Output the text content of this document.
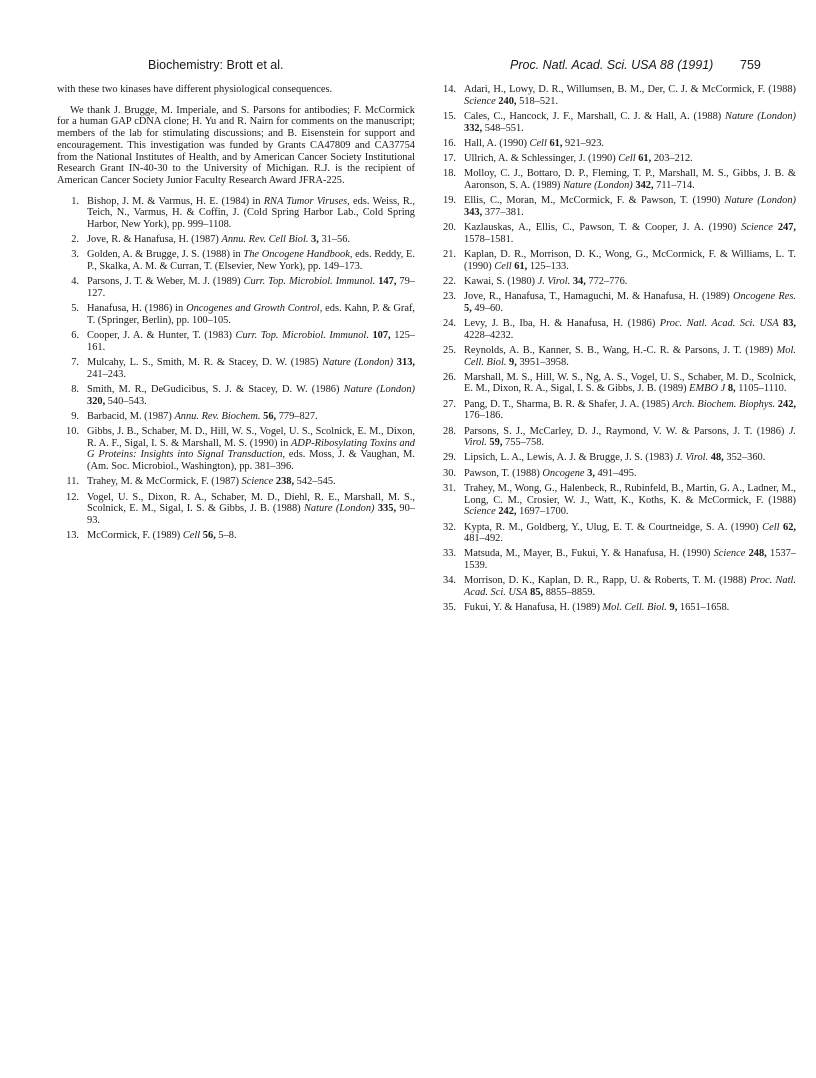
Biochemistry: Brott et al.	Proc. Natl. Acad. Sci. USA 88 (1991) 759

with these two kinases have different physiological consequences.

We thank J. Brugge, M. Imperiale, and S. Parsons for antibodies; F. McCormick for a human GAP cDNA clone; H. Yu and R. Nairn for comments on the manuscript; members of the lab for stimulating discussions; and B. Eisenstein for support and encouragement. This investigation was funded by Grants CA47809 and CA37754 from the National Institutes of Health, and by American Cancer Society Institutional Research Grant IN-40-30 to the University of Michigan. R.J. is the recipient of American Cancer Society Junior Faculty Research Award JFRA-225.

1. Bishop, J. M. & Varmus, H. E. (1984) in RNA Tumor Viruses, eds. Weiss, R., Teich, N., Varmus, H. & Coffin, J. (Cold Spring Harbor Lab., Cold Spring Harbor, New York), pp. 999–1108.
2. Jove, R. & Hanafusa, H. (1987) Annu. Rev. Cell Biol. 3, 31–56.
3. Golden, A. & Brugge, J. S. (1988) in The Oncogene Handbook, eds. Reddy, E. P., Skalka, A. M. & Curran, T. (Elsevier, New York), pp. 149–173.
4. Parsons, J. T. & Weber, M. J. (1989) Curr. Top. Microbiol. Immunol. 147, 79–127.
5. Hanafusa, H. (1986) in Oncogenes and Growth Control, eds. Kahn, P. & Graf, T. (Springer, Berlin), pp. 100–105.
6. Cooper, J. A. & Hunter, T. (1983) Curr. Top. Microbiol. Immunol. 107, 125–161.
7. Mulcahy, L. S., Smith, M. R. & Stacey, D. W. (1985) Nature (London) 313, 241–243.
8. Smith, M. R., DeGudicibus, S. J. & Stacey, D. W. (1986) Nature (London) 320, 540–543.
9. Barbacid, M. (1987) Annu. Rev. Biochem. 56, 779–827.
10. Gibbs, J. B., Schaber, M. D., Hill, W. S., Vogel, U. S., Scolnick, E. M., Dixon, R. A. F., Sigal, I. S. & Marshall, M. S. (1990) in ADP-Ribosylating Toxins and G Proteins: Insights into Signal Transduction, eds. Moss, J. & Vaughan, M. (Am. Soc. Microbiol., Washington), pp. 381–396.
11. Trahey, M. & McCormick, F. (1987) Science 238, 542–545.
12. Vogel, U. S., Dixon, R. A., Schaber, M. D., Diehl, R. E., Marshall, M. S., Scolnick, E. M., Sigal, I. S. & Gibbs, J. B. (1988) Nature (London) 335, 90–93.
13. McCormick, F. (1989) Cell 56, 5–8.
14. Adari, H., Lowy, D. R., Willumsen, B. M., Der, C. J. & McCormick, F. (1988) Science 240, 518–521.
15. Cales, C., Hancock, J. F., Marshall, C. J. & Hall, A. (1988) Nature (London) 332, 548–551.
16. Hall, A. (1990) Cell 61, 921–923.
17. Ullrich, A. & Schlessinger, J. (1990) Cell 61, 203–212.
18. Molloy, C. J., Bottaro, D. P., Fleming, T. P., Marshall, M. S., Gibbs, J. B. & Aaronson, S. A. (1989) Nature (London) 342, 711–714.
19. Ellis, C., Moran, M., McCormick, F. & Pawson, T. (1990) Nature (London) 343, 377–381.
20. Kazlauskas, A., Ellis, C., Pawson, T. & Cooper, J. A. (1990) Science 247, 1578–1581.
21. Kaplan, D. R., Morrison, D. K., Wong, G., McCormick, F. & Williams, L. T. (1990) Cell 61, 125–133.
22. Kawai, S. (1980) J. Virol. 34, 772–776.
23. Jove, R., Hanafusa, T., Hamaguchi, M. & Hanafusa, H. (1989) Oncogene Res. 5, 49–60.
24. Levy, J. B., Iba, H. & Hanafusa, H. (1986) Proc. Natl. Acad. Sci. USA 83, 4228–4232.
25. Reynolds, A. B., Kanner, S. B., Wang, H.-C. R. & Parsons, J. T. (1989) Mol. Cell. Biol. 9, 3951–3958.
26. Marshall, M. S., Hill, W. S., Ng, A. S., Vogel, U. S., Schaber, M. D., Scolnick, E. M., Dixon, R. A., Sigal, I. S. & Gibbs, J. B. (1989) EMBO J 8, 1105–1110.
27. Pang, D. T., Sharma, B. R. & Shafer, J. A. (1985) Arch. Biochem. Biophys. 242, 176–186.
28. Parsons, S. J., McCarley, D. J., Raymond, V. W. & Parsons, J. T. (1986) J. Virol. 59, 755–758.
29. Lipsich, L. A., Lewis, A. J. & Brugge, J. S. (1983) J. Virol. 48, 352–360.
30. Pawson, T. (1988) Oncogene 3, 491–495.
31. Trahey, M., Wong, G., Halenbeck, R., Rubinfeld, B., Martin, G. A., Ladner, M., Long, C. M., Crosier, W. J., Watt, K., Koths, K. & McCormick, F. (1988) Science 242, 1697–1700.
32. Kypta, R. M., Goldberg, Y., Ulug, E. T. & Courtneidge, S. A. (1990) Cell 62, 481–492.
33. Matsuda, M., Mayer, B., Fukui, Y. & Hanafusa, H. (1990) Science 248, 1537–1539.
34. Morrison, D. K., Kaplan, D. R., Rapp, U. & Roberts, T. M. (1988) Proc. Natl. Acad. Sci. USA 85, 8855–8859.
35. Fukui, Y. & Hanafusa, H. (1989) Mol. Cell. Biol. 9, 1651–1658.
